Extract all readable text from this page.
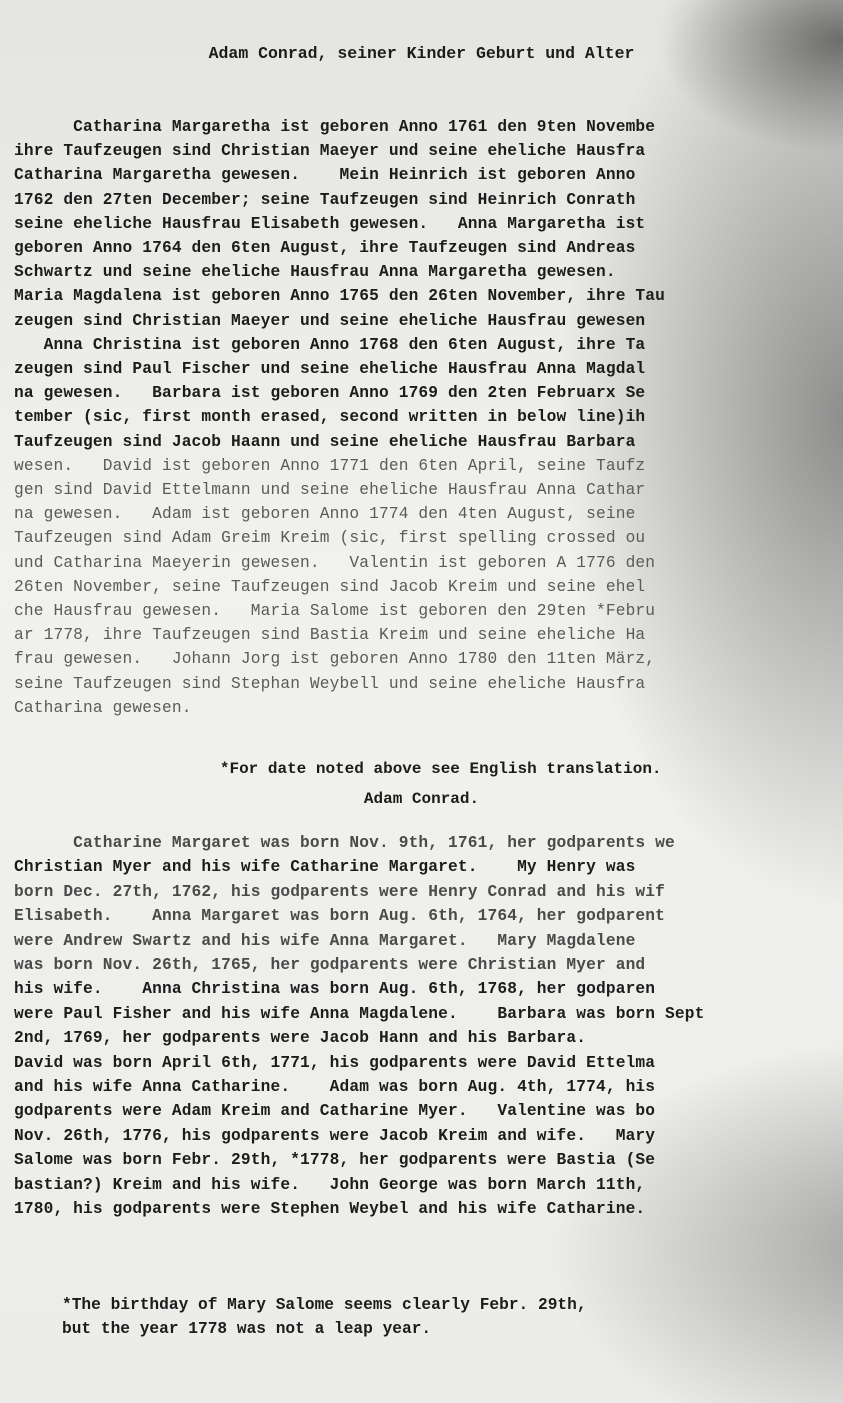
Adam Conrad, seiner Kinder Geburt und Alter
Catharina Margaretha ist geboren Anno 1761 den 9ten Novembe
ihre Taufzeugen sind Christian Maeyer und seine eheliche Hausfra
Catharina Margaretha gewesen.    Mein Heinrich ist geboren Anno
1762 den 27ten December; seine Taufzeugen sind Heinrich Conrath
seine eheliche Hausfrau Elisabeth gewesen.   Anna Margaretha ist
geboren Anno 1764 den 6ten August, ihre Taufzeugen sind Andreas
Schwartz und seine eheliche Hausfrau Anna Margaretha gewesen.
Maria Magdalena ist geboren Anno 1765 den 26ten November, ihre Tau
zeugen sind Christian Maeyer und seine eheliche Hausfrau gewesen
Anna Christina ist geboren Anno 1768 den 6ten August, ihre Ta
zeugen sind Paul Fischer und seine eheliche Hausfrau Anna Magdal
na gewesen.   Barbara ist geboren Anno 1769 den 2ten Februarx Se
tember (sic, first month erased, second written in below line)ih
Taufzeugen sind Jacob Haann und seine eheliche Hausfrau Barbara
wesen.   David ist geboren Anno 1771 den 6ten April, seine Taufz
gen sind David Ettelmann und seine eheliche Hausfrau Anna Cathar
na gewesen.   Adam ist geboren Anno 1774 den 4ten August, seine
Taufzeugen sind Adam Greim Kreim (sic, first spelling crossed ou
und Catharina Maeyerin gewesen.   Valentin ist geboren A 1776 den
26ten November, seine Taufzeugen sind Jacob Kreim und seine ehel
che Hausfrau gewesen.   Maria Salome ist geboren den 29ten *Febru
ar 1778, ihre Taufzeugen sind Bastia Kreim und seine eheliche Ha
frau gewesen.   Johann Jorg ist geboren Anno 1780 den 11ten März,
seine Taufzeugen sind Stephan Weybell und seine eheliche Hausfra
Catharina gewesen.

*For date noted above see English translation.

Adam Conrad.
Catharine Margaret was born Nov. 9th, 1761, her godparents we
Christian Myer and his wife Catharine Margaret.    My Henry was
born Dec. 27th, 1762, his godparents were Henry Conrad and his wif
Elisabeth.    Anna Margaret was born Aug. 6th, 1764, her godparent
were Andrew Swartz and his wife Anna Margaret.   Mary Magdalene
was born Nov. 26th, 1765, her godparents were Christian Myer and
his wife.    Anna Christina was born Aug. 6th, 1768, her godparen
were Paul Fisher and his wife Anna Magdalene.    Barbara was born Sept
2nd, 1769, her godparents were Jacob Hann and his Barbara.
David was born April 6th, 1771, his godparents were David Ettelma
and his wife Anna Catharine.    Adam was born Aug. 4th, 1774, his
godparents were Adam Kreim and Catharine Myer.   Valentine was bo
Nov. 26th, 1776, his godparents were Jacob Kreim and wife.   Mary
Salome was born Febr. 29th, *1778, her godparents were Bastia (Se
bastian?) Kreim and his wife.   John George was born March 11th,
1780, his godparents were Stephen Weybel and his wife Catharine.
*The birthday of Mary Salome seems clearly Febr. 29th,
but the year 1778 was not a leap year.
